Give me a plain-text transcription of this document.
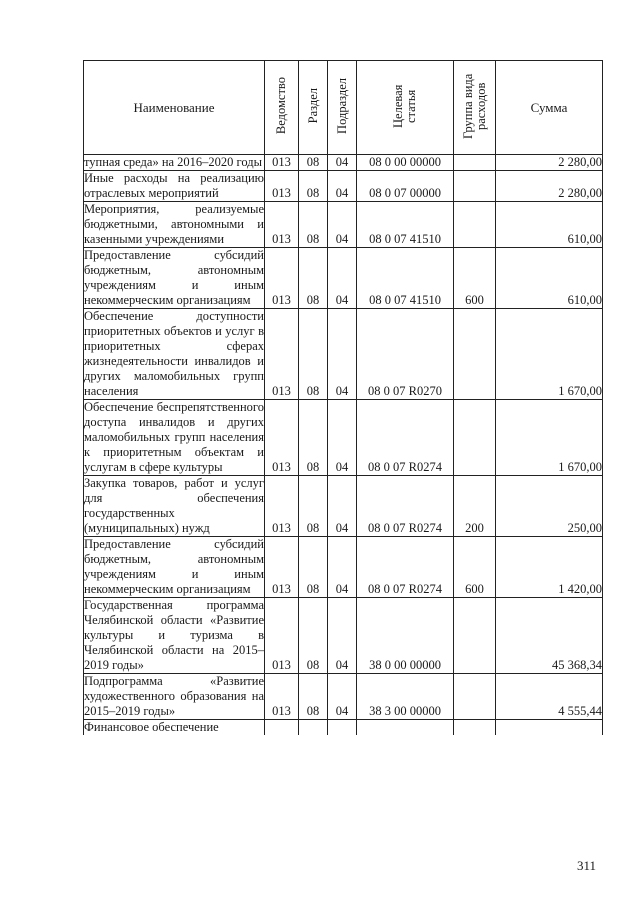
Наименование	Ведомство	Раздел	Подраздел	Целевая статья	Группа вида расходов	Сумма
тупная среда» на 2016–2020 годы	013	08	04	08 0 00 00000		2 280,00
Иные расходы на реализацию отраслевых мероприятий	013	08	04	08 0 07 00000		2 280,00
Мероприятия, реализуемые бюджетными, автономными и казенными учреждениями	013	08	04	08 0 07 41510		610,00
Предоставление субсидий бюджетным, автономным учреждениям и иным некоммерческим организациям	013	08	04	08 0 07 41510	600	610,00
Обеспечение доступности приоритетных объектов и услуг в приоритетных сферах жизнедеятельности инвалидов и других маломобильных групп населения	013	08	04	08 0 07 R0270		1 670,00
Обеспечение беспрепятственного доступа инвалидов и других маломобильных групп населения к приоритетным объектам и услугам в сфере культуры	013	08	04	08 0 07 R0274		1 670,00
Закупка товаров, работ и услуг для обеспечения государственных (муниципальных) нужд	013	08	04	08 0 07 R0274	200	250,00
Предоставление субсидий бюджетным, автономным учреждениям и иным некоммерческим организациям	013	08	04	08 0 07 R0274	600	1 420,00
Государственная программа Челябинской области «Развитие культуры и туризма в Челябинской области на 2015–2019 годы»	013	08	04	38 0 00 00000		45 368,34
Подпрограмма «Развитие художественного образования на 2015–2019 годы»	013	08	04	38 3 00 00000		4 555,44
Финансовое обеспечение						
311
